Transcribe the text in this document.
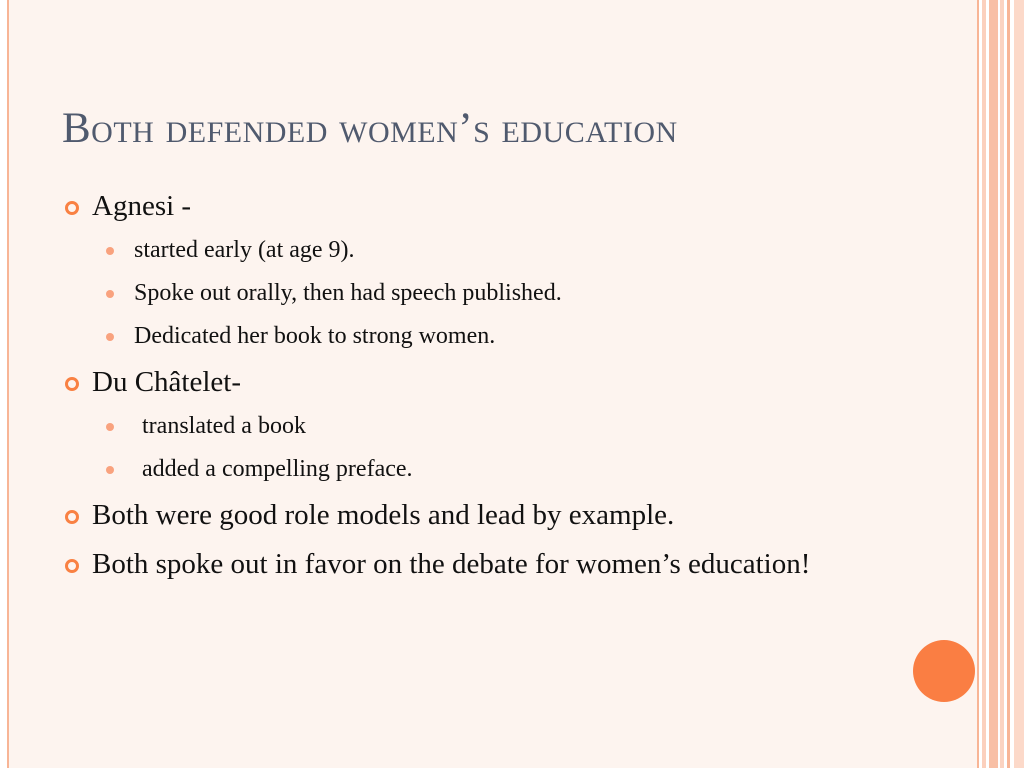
Both defended women’s education
Agnesi -
started early (at age 9).
Spoke out orally, then had speech published.
Dedicated her book to strong women.
Du Châtelet-
translated a book
added a compelling preface.
Both were good role models and lead by example.
Both spoke out in favor on the debate for women’s education!
